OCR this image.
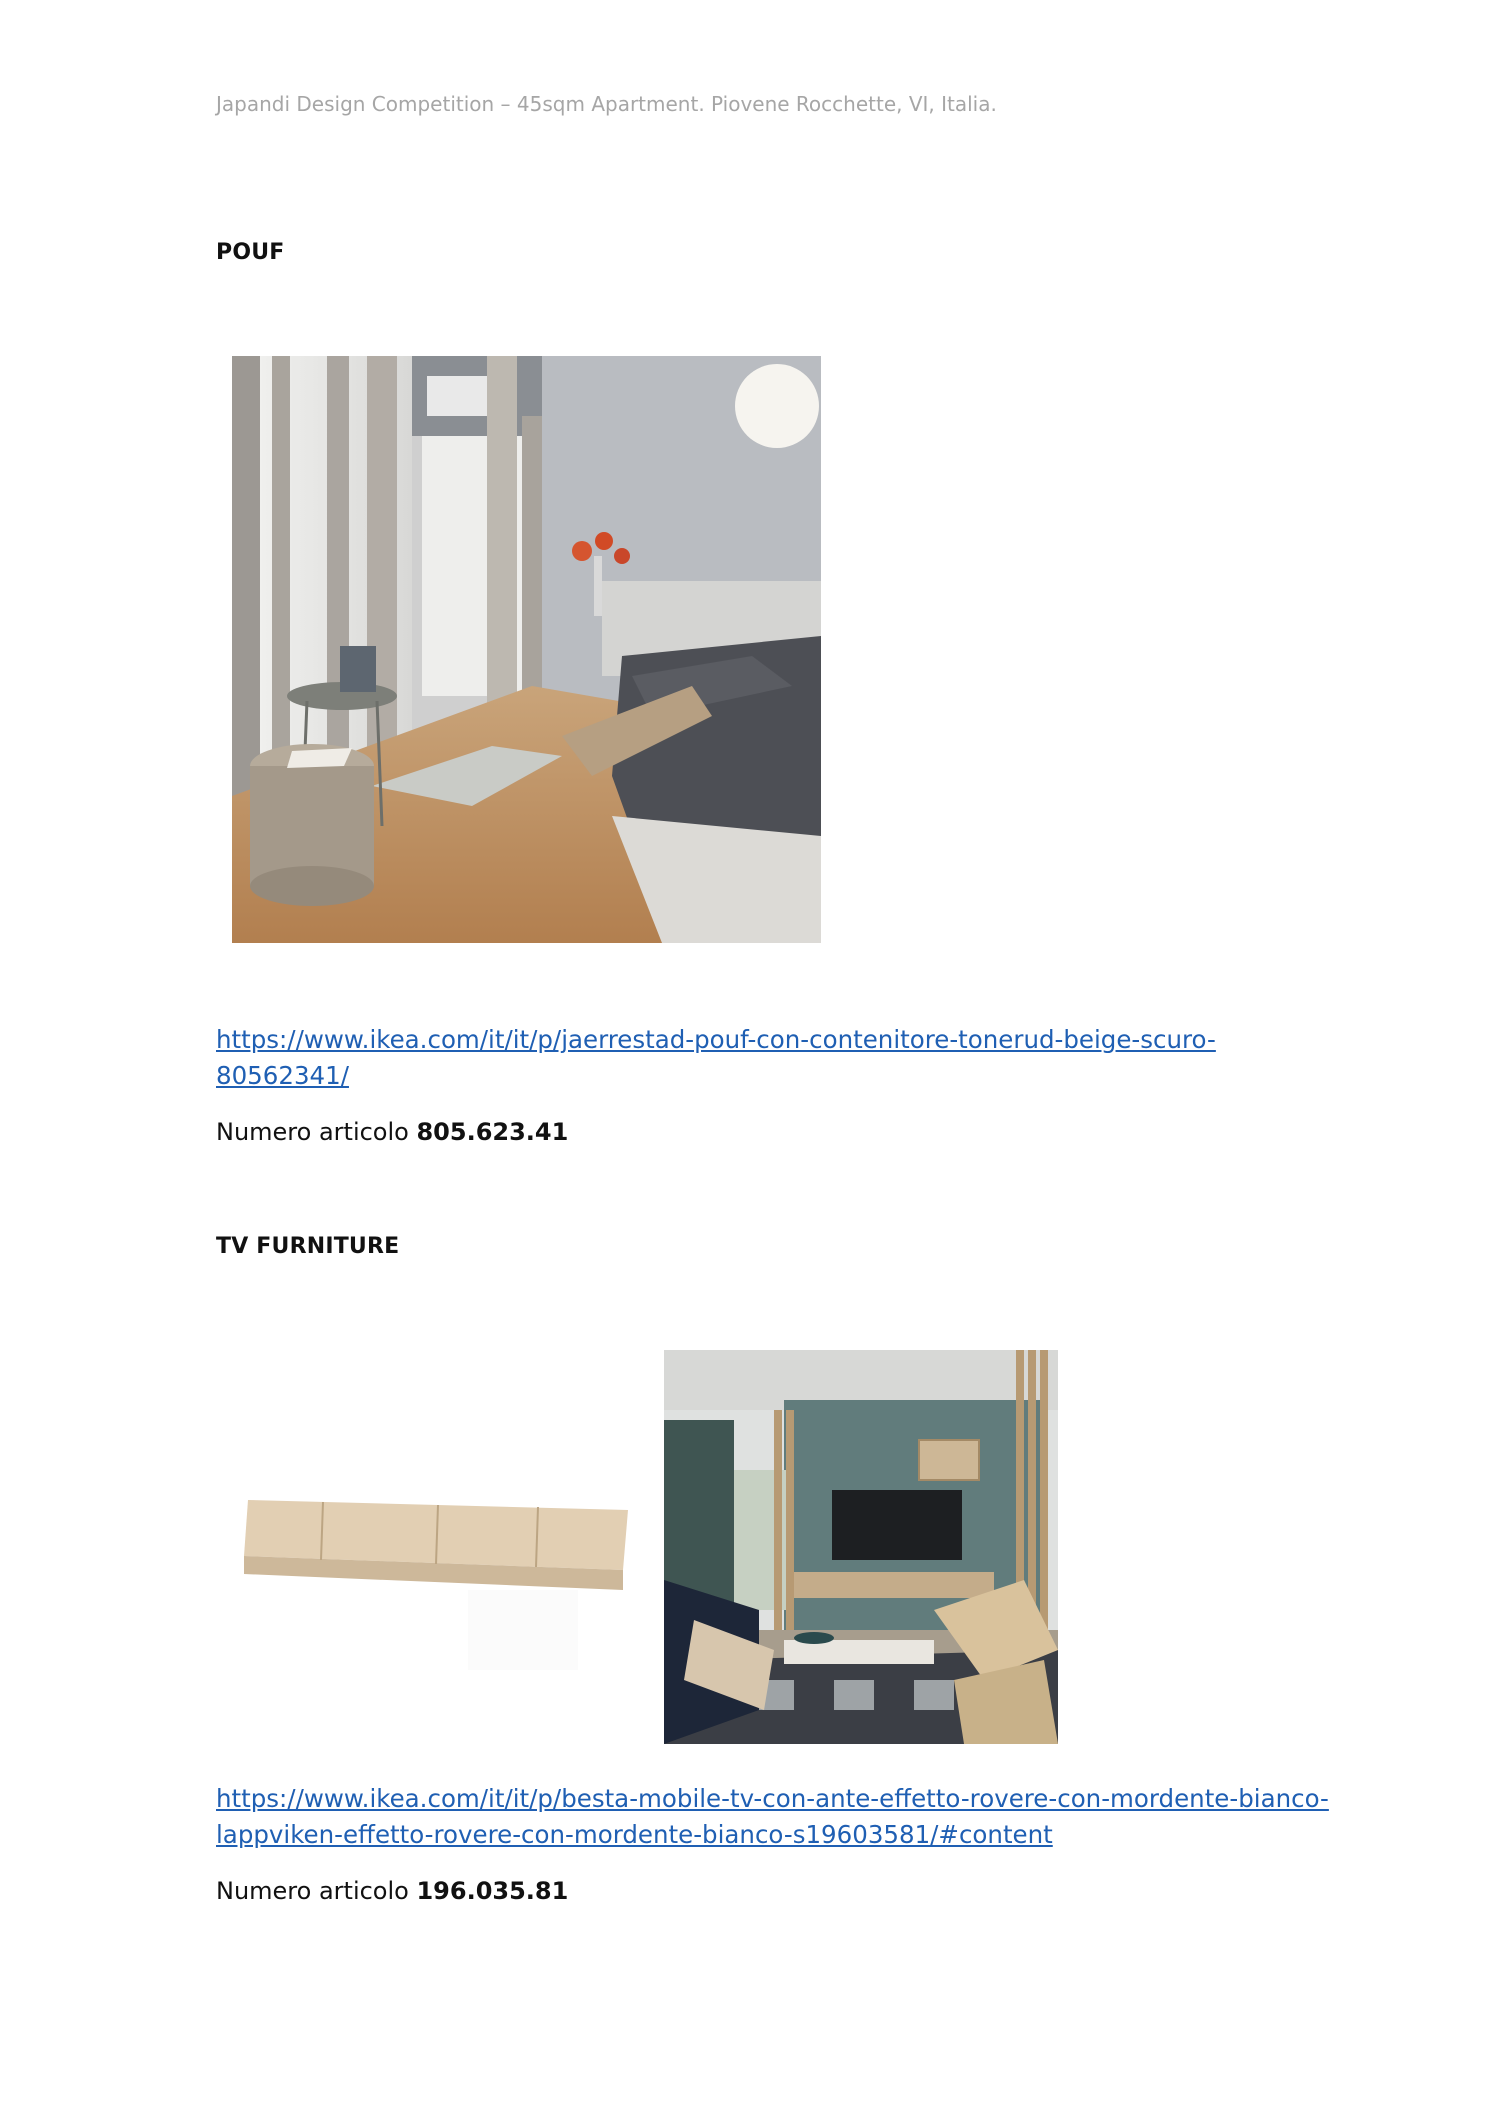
Japandi Design Competition – 45sqm Apartment. Piovene Rocchette, VI, Italia.
POUF
https://www.ikea.com/it/it/p/jaerrestad-pouf-con-contenitore-tonerud-beige-scuro-
80562341/
Numero articolo 805.623.41
TV FURNITURE
https://www.ikea.com/it/it/p/besta-mobile-tv-con-ante-effetto-rovere-con-mordente-bianco-
lappviken-effetto-rovere-con-mordente-bianco-s19603581/#content
Numero articolo 196.035.81
